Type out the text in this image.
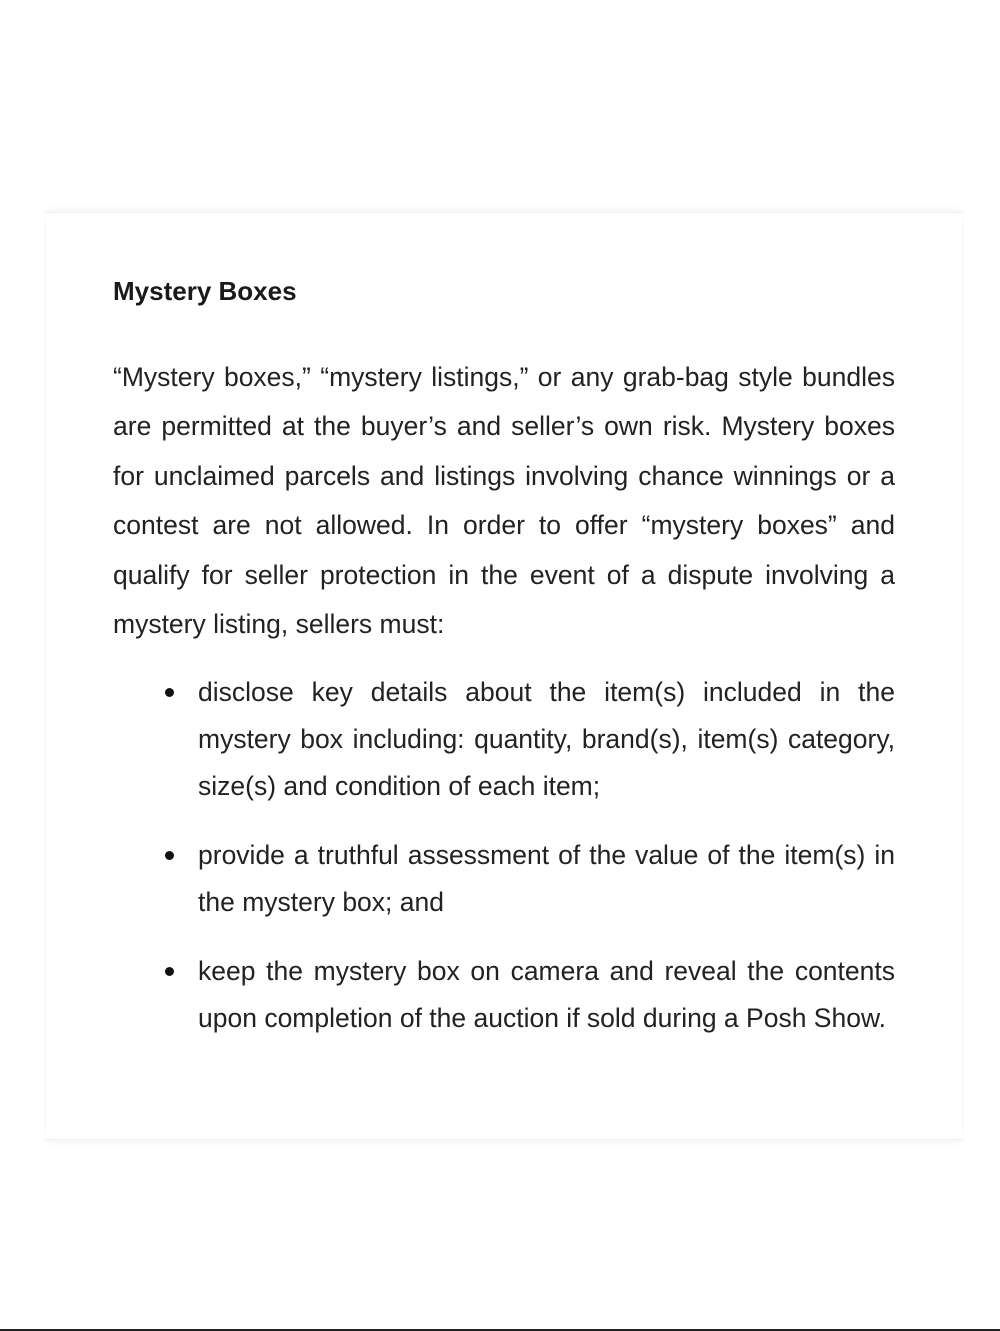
Mystery Boxes

“Mystery boxes,” “mystery listings,” or any grab-bag style bundles are permitted at the buyer’s and seller’s own risk. Mystery boxes for unclaimed parcels and listings involving chance winnings or a contest are not allowed. In order to offer “mystery boxes” and qualify for seller protection in the event of a dispute involving a mystery listing, sellers must:

disclose key details about the item(s) included in the mystery box including: quantity, brand(s), item(s) category, size(s) and condition of each item;
provide a truthful assessment of the value of the item(s) in the mystery box; and
keep the mystery box on camera and reveal the contents upon completion of the auction if sold during a Posh Show.
